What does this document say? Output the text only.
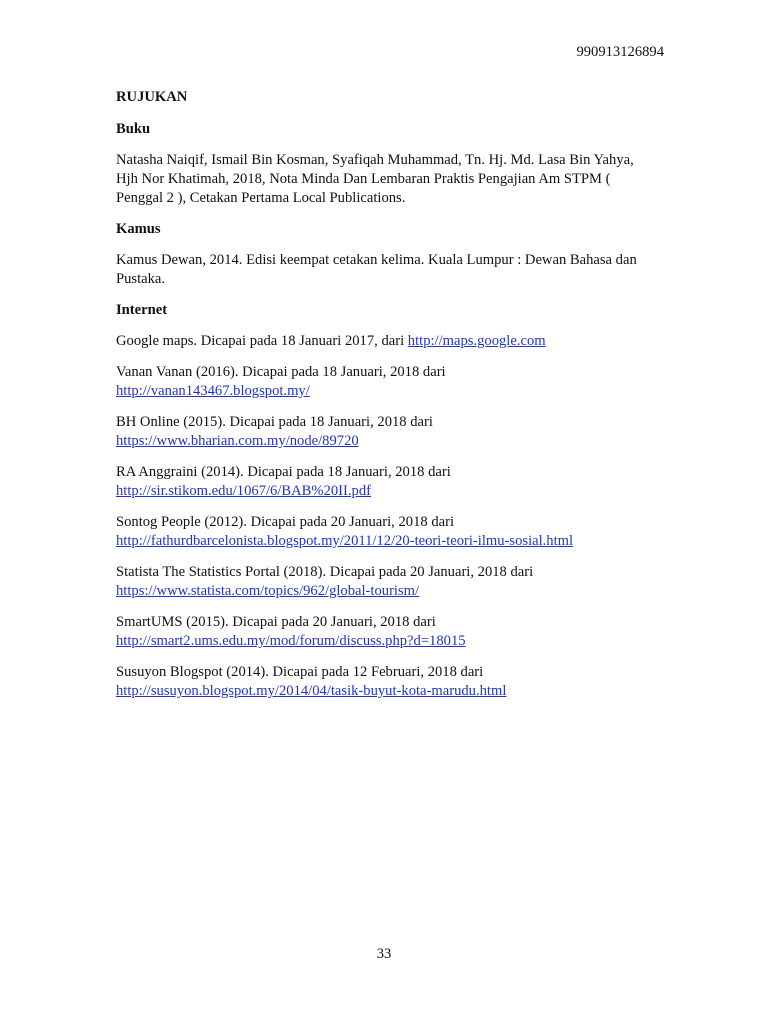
990913126894

RUJUKAN

Buku

Natasha Naiqif, Ismail Bin Kosman, Syafiqah Muhammad, Tn. Hj. Md. Lasa Bin Yahya, Hjh Nor Khatimah, 2018, Nota Minda Dan Lembaran Praktis Pengajian Am STPM ( Penggal 2 ), Cetakan Pertama Local Publications.

Kamus

Kamus Dewan, 2014. Edisi keempat cetakan kelima. Kuala Lumpur : Dewan Bahasa dan Pustaka.

Internet

Google maps. Dicapai pada 18 Januari 2017, dari http://maps.google.com

Vanan Vanan (2016). Dicapai pada 18 Januari, 2018 dari
http://vanan143467.blogspot.my/

BH Online (2015). Dicapai pada 18 Januari, 2018 dari
https://www.bharian.com.my/node/89720

RA Anggraini (2014). Dicapai pada 18 Januari, 2018 dari
http://sir.stikom.edu/1067/6/BAB%20II.pdf

Sontog People (2012). Dicapai pada 20 Januari, 2018 dari
http://fathurdbarcelonista.blogspot.my/2011/12/20-teori-teori-ilmu-sosial.html

Statista The Statistics Portal (2018). Dicapai pada 20 Januari, 2018 dari
https://www.statista.com/topics/962/global-tourism/

SmartUMS (2015). Dicapai pada 20 Januari, 2018 dari
http://smart2.ums.edu.my/mod/forum/discuss.php?d=18015

Susuyon Blogspot (2014). Dicapai pada 12 Februari, 2018 dari
http://susuyon.blogspot.my/2014/04/tasik-buyut-kota-marudu.html

33
